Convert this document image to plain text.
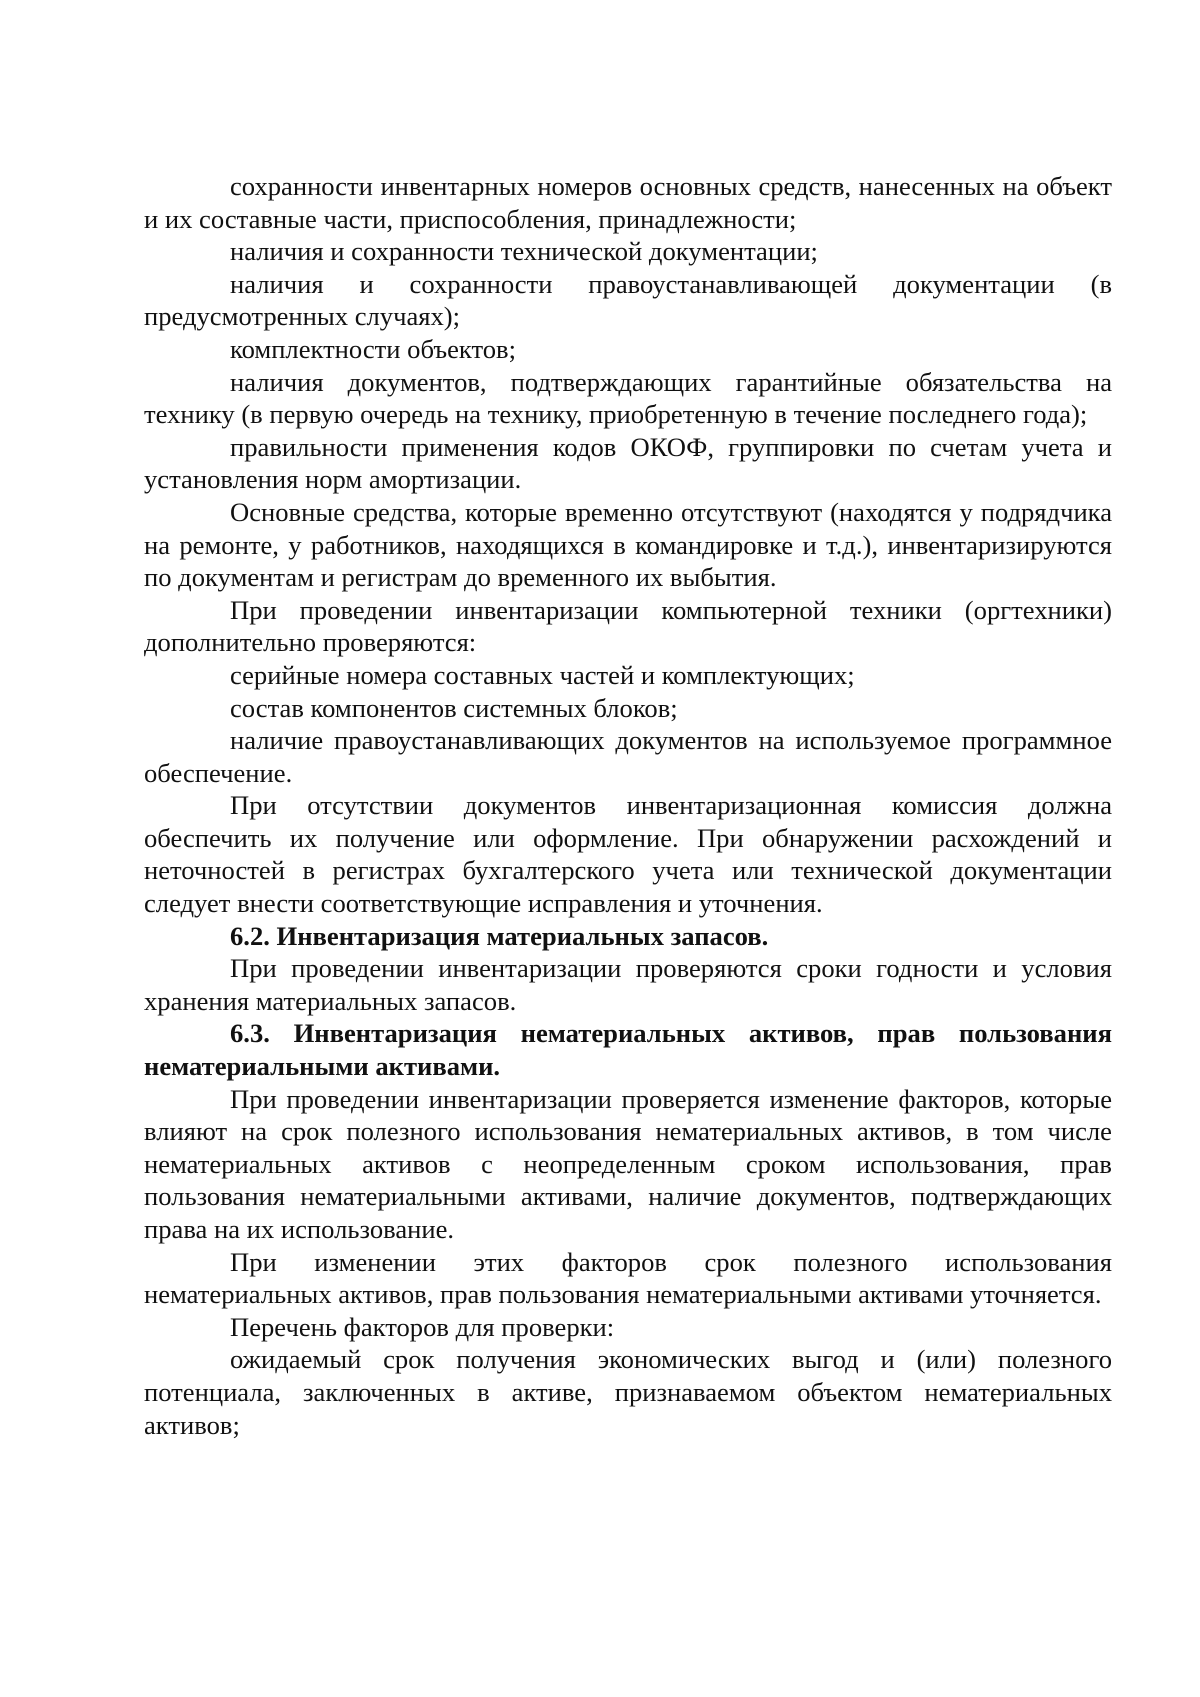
сохранности инвентарных номеров основных средств, нанесенных на объект и их составные части, приспособления, принадлежности;

наличия и сохранности технической документации;

наличия и сохранности правоустанавливающей документации (в предусмотренных случаях);

комплектности объектов;

наличия документов, подтверждающих гарантийные обязательства на технику (в первую очередь на технику, приобретенную в течение последнего года);

правильности применения кодов ОКОФ, группировки по счетам учета и установления норм амортизации.

Основные средства, которые временно отсутствуют (находятся у подрядчика на ремонте, у работников, находящихся в командировке и т.д.), инвентаризируются по документам и регистрам до временного их выбытия.

При проведении инвентаризации компьютерной техники (оргтехники) дополнительно проверяются:

серийные номера составных частей и комплектующих;

состав компонентов системных блоков;

наличие правоустанавливающих документов на используемое программное обеспечение.

При отсутствии документов инвентаризационная комиссия должна обеспечить их получение или оформление. При обнаружении расхождений и неточностей в регистрах бухгалтерского учета или технической документации следует внести соответствующие исправления и уточнения.

6.2. Инвентаризация материальных запасов.

При проведении инвентаризации проверяются сроки годности и условия хранения материальных запасов.

6.3. Инвентаризация нематериальных активов, прав пользования нематериальными активами.

При проведении инвентаризации проверяется изменение факторов, которые влияют на срок полезного использования нематериальных активов, в том числе нематериальных активов с неопределенным сроком использования, прав пользования нематериальными активами, наличие документов, подтверждающих права на их использование.

При изменении этих факторов срок полезного использования нематериальных активов, прав пользования нематериальными активами уточняется.

Перечень факторов для проверки:

ожидаемый срок получения экономических выгод и (или) полезного потенциала, заключенных в активе, признаваемом объектом нематериальных активов;
